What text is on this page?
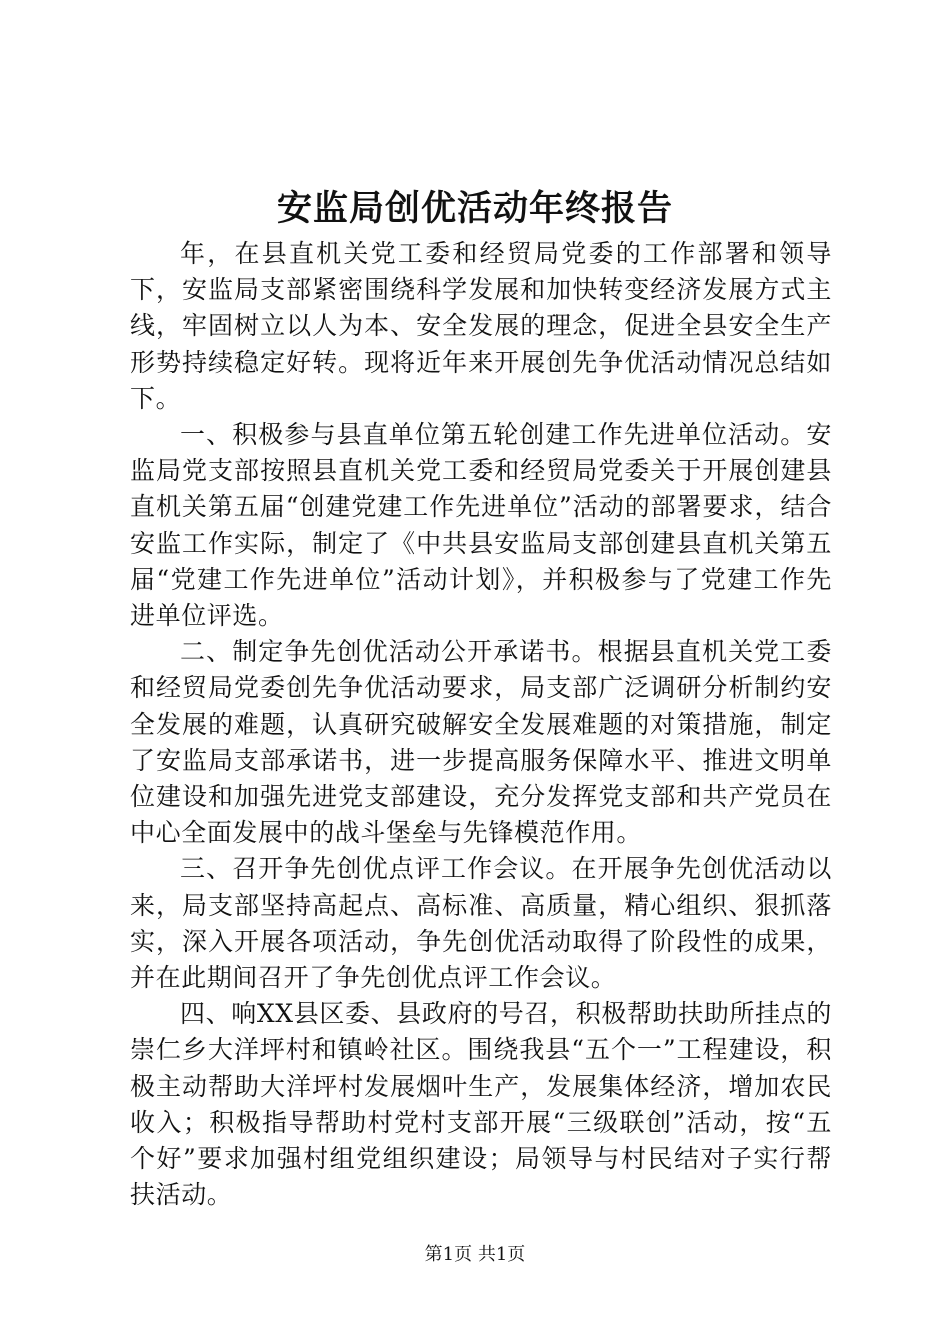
安监局创优活动年终报告

年，在县直机关党工委和经贸局党委的工作部署和领导下，安监局支部紧密围绕科学发展和加快转变经济发展方式主线，牢固树立以人为本、安全发展的理念，促进全县安全生产形势持续稳定好转。现将近年来开展创先争优活动情况总结如下。

一、积极参与县直单位第五轮创建工作先进单位活动。安监局党支部按照县直机关党工委和经贸局党委关于开展创建县直机关第五届“创建党建工作先进单位”活动的部署要求，结合安监工作实际，制定了《中共县安监局支部创建县直机关第五届“党建工作先进单位”活动计划》，并积极参与了党建工作先进单位评选。

二、制定争先创优活动公开承诺书。根据县直机关党工委和经贸局党委创先争优活动要求，局支部广泛调研分析制约安全发展的难题，认真研究破解安全发展难题的对策措施，制定了安监局支部承诺书，进一步提高服务保障水平、推进文明单位建设和加强先进党支部建设，充分发挥党支部和共产党员在中心全面发展中的战斗堡垒与先锋模范作用。

三、召开争先创优点评工作会议。在开展争先创优活动以来，局支部坚持高起点、高标准、高质量，精心组织、狠抓落实，深入开展各项活动，争先创优活动取得了阶段性的成果，并在此期间召开了争先创优点评工作会议。

四、响XX县区委、县政府的号召，积极帮助扶助所挂点的崇仁乡大洋坪村和镇岭社区。围绕我县“五个一”工程建设，积极主动帮助大洋坪村发展烟叶生产，发展集体经济，增加农民收入；积极指导帮助村党村支部开展“三级联创”活动，按“五个好”要求加强村组党组织建设；局领导与村民结对子实行帮扶活动。

第1页 共1页
